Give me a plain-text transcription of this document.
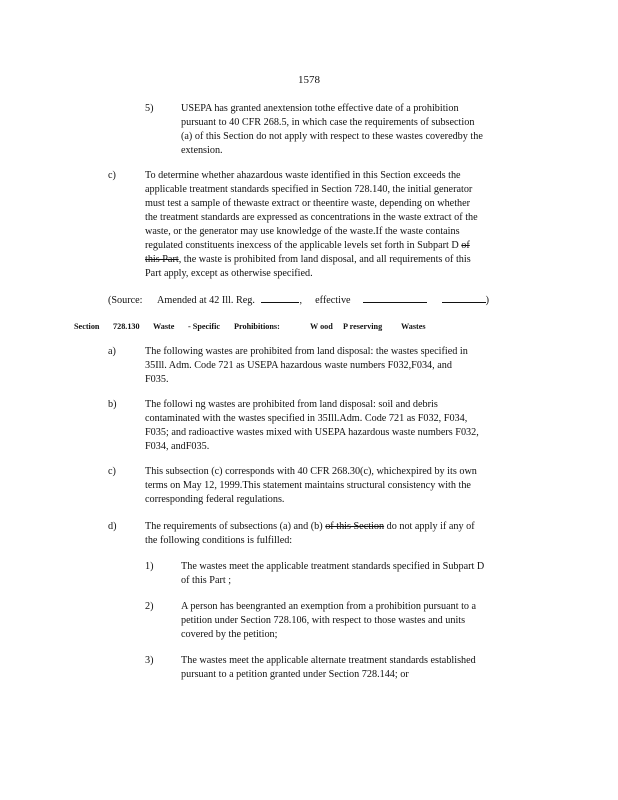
1578
5)	USEPA has granted anextension tothe effective date of a prohibition
pursuant to 40 CFR 268.5, in which case the requirements of subsection
(a) of this Section do not apply with respect to these wastes coveredby the
extension.
c)	To determine whether ahazardous waste identified in this Section exceeds the
applicable treatment standards specified in Section 728.140, the initial generator
must test a sample of thewaste extract or theentire waste, depending on whether
the treatment standards are expressed as concentrations in the waste extract of the
waste, or the generator may use knowledge of the waste.If the waste contains
regulated constituents inexcess of the applicable levels set forth in Subpart D of
this Part, the waste is prohibited from land disposal, and all requirements of this
Part apply, except as otherwise specified.
(Source: Amended at 42 Ill. Reg.	, effective	)
Section 728.130 Waste - Specific Prohibitions:	W ood P reserving Wastes
a)	The following wastes are prohibited from land disposal: the wastes specified in
35Ill. Adm. Code 721 as USEPA hazardous waste numbers F032,F034, and
F035.
b)	The followi ng wastes are prohibited from land disposal: soil and debris
contaminated with the wastes specified in 35Ill.Adm. Code 721 as F032, F034,
F035; and radioactive wastes mixed with USEPA hazardous waste numbers F032,
F034, andF035.
c)	This subsection (c) corresponds with 40 CFR 268.30(c), whichexpired by its own
terms on May 12, 1999.This statement maintains structural consistency with the
corresponding federal regulations.
d)	The requirements of subsections (a) and (b) of this Section do not apply if any of
the following conditions is fulfilled:
1)	The wastes meet the applicable treatment standards specified in Subpart D
of this Part ;
2)	A person has beengranted an exemption from a prohibition pursuant to a
petition under Section 728.106, with respect to those wastes and units
covered by the petition;
3)	The wastes meet the applicable alternate treatment standards established
pursuant to a petition granted under Section 728.144; or
